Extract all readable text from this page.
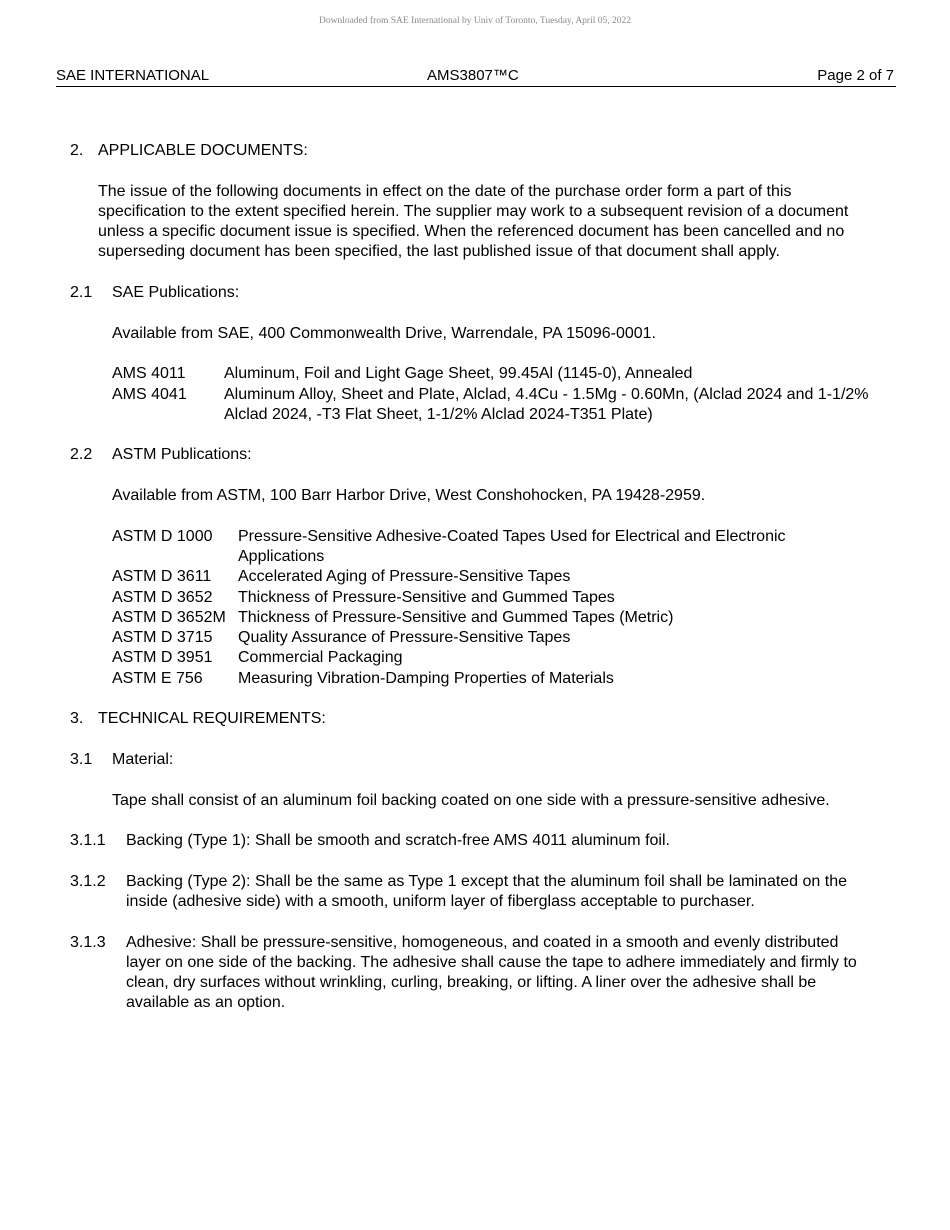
Downloaded from SAE International by Univ of Toronto, Tuesday, April 05, 2022
SAE INTERNATIONAL	AMS3807™C	Page 2 of 7
2. APPLICABLE DOCUMENTS:
The issue of the following documents in effect on the date of the purchase order form a part of this specification to the extent specified herein. The supplier may work to a subsequent revision of a document unless a specific document issue is specified. When the referenced document has been cancelled and no superseding document has been specified, the last published issue of that document shall apply.
2.1 SAE Publications:
Available from SAE, 400 Commonwealth Drive, Warrendale, PA 15096-0001.
AMS 4011 Aluminum, Foil and Light Gage Sheet, 99.45Al (1145-0), Annealed
AMS 4041 Aluminum Alloy, Sheet and Plate, Alclad, 4.4Cu - 1.5Mg - 0.60Mn, (Alclad 2024 and 1-1/2% Alclad 2024, -T3 Flat Sheet, 1-1/2% Alclad 2024-T351 Plate)
2.2 ASTM Publications:
Available from ASTM, 100 Barr Harbor Drive, West Conshohocken, PA 19428-2959.
ASTM D 1000 Pressure-Sensitive Adhesive-Coated Tapes Used for Electrical and Electronic Applications
ASTM D 3611 Accelerated Aging of Pressure-Sensitive Tapes
ASTM D 3652 Thickness of Pressure-Sensitive and Gummed Tapes
ASTM D 3652M Thickness of Pressure-Sensitive and Gummed Tapes (Metric)
ASTM D 3715 Quality Assurance of Pressure-Sensitive Tapes
ASTM D 3951 Commercial Packaging
ASTM E 756 Measuring Vibration-Damping Properties of Materials
3. TECHNICAL REQUIREMENTS:
3.1 Material:
Tape shall consist of an aluminum foil backing coated on one side with a pressure-sensitive adhesive.
3.1.1 Backing (Type 1): Shall be smooth and scratch-free AMS 4011 aluminum foil.
3.1.2 Backing (Type 2): Shall be the same as Type 1 except that the aluminum foil shall be laminated on the inside (adhesive side) with a smooth, uniform layer of fiberglass acceptable to purchaser.
3.1.3 Adhesive: Shall be pressure-sensitive, homogeneous, and coated in a smooth and evenly distributed layer on one side of the backing. The adhesive shall cause the tape to adhere immediately and firmly to clean, dry surfaces without wrinkling, curling, breaking, or lifting. A liner over the adhesive shall be available as an option.
